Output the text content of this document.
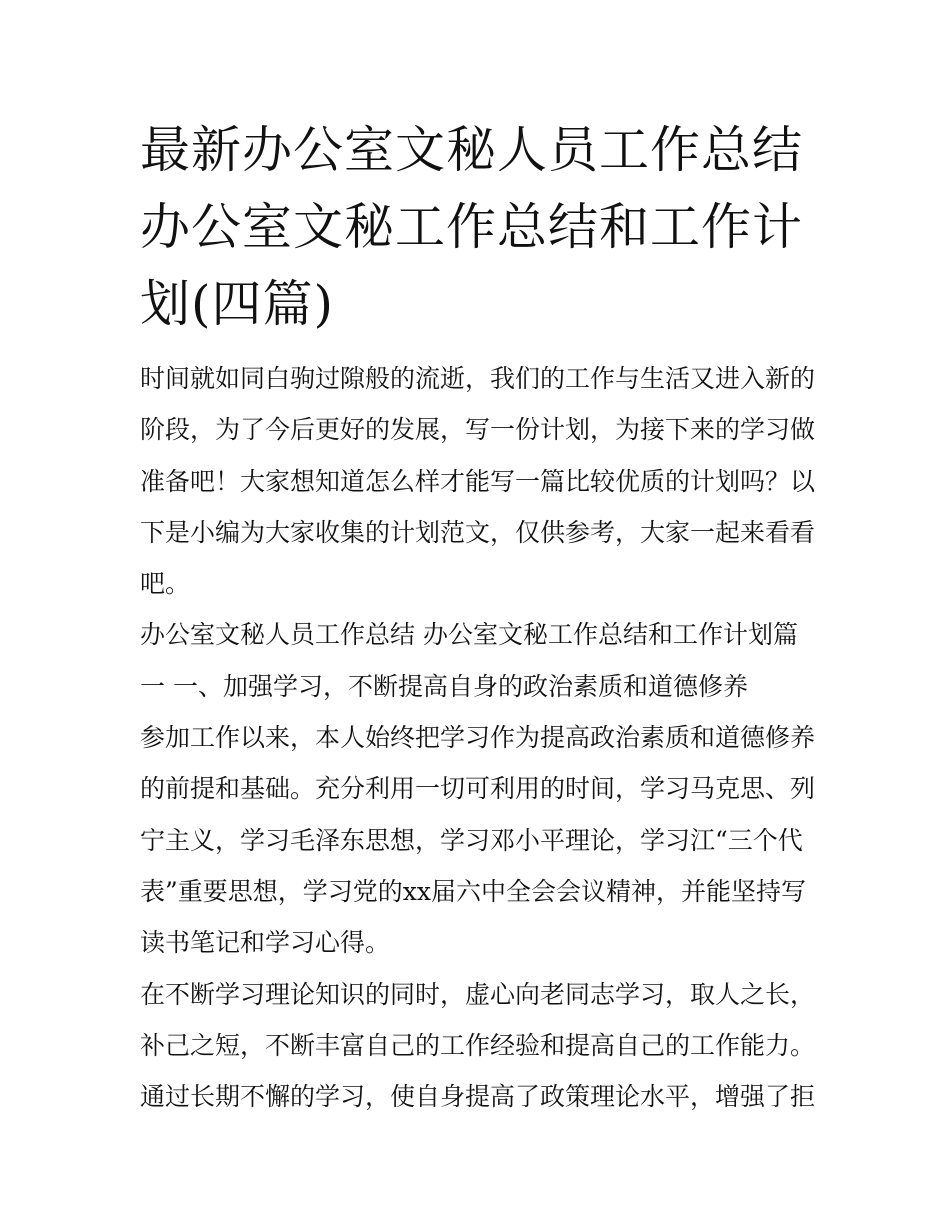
最新办公室文秘人员工作总结
办公室文秘工作总结和工作计
划(四篇)
时间就如同白驹过隙般的流逝，我们的工作与生活又进入新的
阶段，为了今后更好的发展，写一份计划，为接下来的学习做
准备吧！大家想知道怎么样才能写一篇比较优质的计划吗？以
下是小编为大家收集的计划范文，仅供参考，大家一起来看看
吧。
办公室文秘人员工作总结 办公室文秘工作总结和工作计划篇
一 一、加强学习，不断提高自身的政治素质和道德修养
参加工作以来，本人始终把学习作为提高政治素质和道德修养
的前提和基础。充分利用一切可利用的时间，学习马克思、列
宁主义，学习毛泽东思想，学习邓小平理论，学习江“三个代
表”重要思想，学习党的xx届六中全会会议精神，并能坚持写
读书笔记和学习心得。
在不断学习理论知识的同时，虚心向老同志学习，取人之长，
补己之短，不断丰富自己的工作经验和提高自己的工作能力。
通过长期不懈的学习，使自身提高了政策理论水平，增强了拒
